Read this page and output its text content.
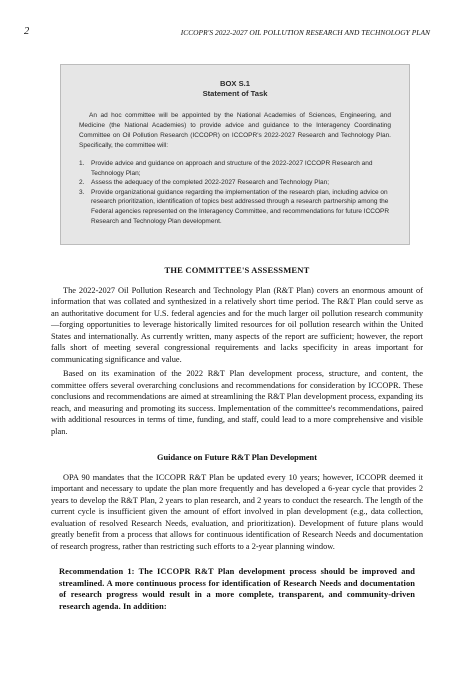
2	ICCOPR'S 2022-2027 OIL POLLUTION RESEARCH AND TECHNOLOGY PLAN
BOX S.1
Statement of Task

An ad hoc committee will be appointed by the National Academies of Sciences, Engineering, and Medicine (the National Academies) to provide advice and guidance to the Interagency Coordinating Committee on Oil Pollution Research (ICCOPR) on ICCOPR's 2022-2027 Research and Technology Plan. Specifically, the committee will:

1. Provide advice and guidance on approach and structure of the 2022-2027 ICCOPR Research and Technology Plan;
2. Assess the adequacy of the completed 2022-2027 Research and Technology Plan;
3. Provide organizational guidance regarding the implementation of the research plan, including advice on research prioritization, identification of topics best addressed through a research partnership among the Federal agencies represented on the Interagency Committee, and recommendations for future ICCOPR Research and Technology Plan development.
THE COMMITTEE'S ASSESSMENT

The 2022-2027 Oil Pollution Research and Technology Plan (R&T Plan) covers an enormous amount of information that was collated and synthesized in a relatively short time period. The R&T Plan could serve as an authoritative document for U.S. federal agencies and for the much larger oil pollution research community—forging opportunities to leverage historically limited resources for oil pollution research within the United States and internationally. As currently written, many aspects of the report are sufficient; however, the report falls short of meeting several congressional requirements and lacks specificity in areas important for communicating significance and value.

Based on its examination of the 2022 R&T Plan development process, structure, and content, the committee offers several overarching conclusions and recommendations for consideration by ICCOPR. These conclusions and recommendations are aimed at streamlining the R&T Plan development process, expanding its reach, and measuring and promoting its success. Implementation of the committee's recommendations, paired with additional resources in terms of time, funding, and staff, could lead to a more comprehensive and visible plan.

Guidance on Future R&T Plan Development

OPA 90 mandates that the ICCOPR R&T Plan be updated every 10 years; however, ICCOPR deemed it important and necessary to update the plan more frequently and has developed a 6-year cycle that provides 2 years to develop the R&T Plan, 2 years to plan research, and 2 years to conduct the research. The length of the current cycle is insufficient given the amount of effort involved in plan development (e.g., data collection, evaluation of resolved Research Needs, evaluation, and prioritization). Development of future plans would greatly benefit from a process that allows for continuous identification of Research Needs and documentation of research progress, rather than restricting such efforts to a 2-year planning window.

Recommendation 1: The ICCOPR R&T Plan development process should be improved and streamlined. A more continuous process for identification of Research Needs and documentation of research progress would result in a more complete, transparent, and community-driven research agenda. In addition:
